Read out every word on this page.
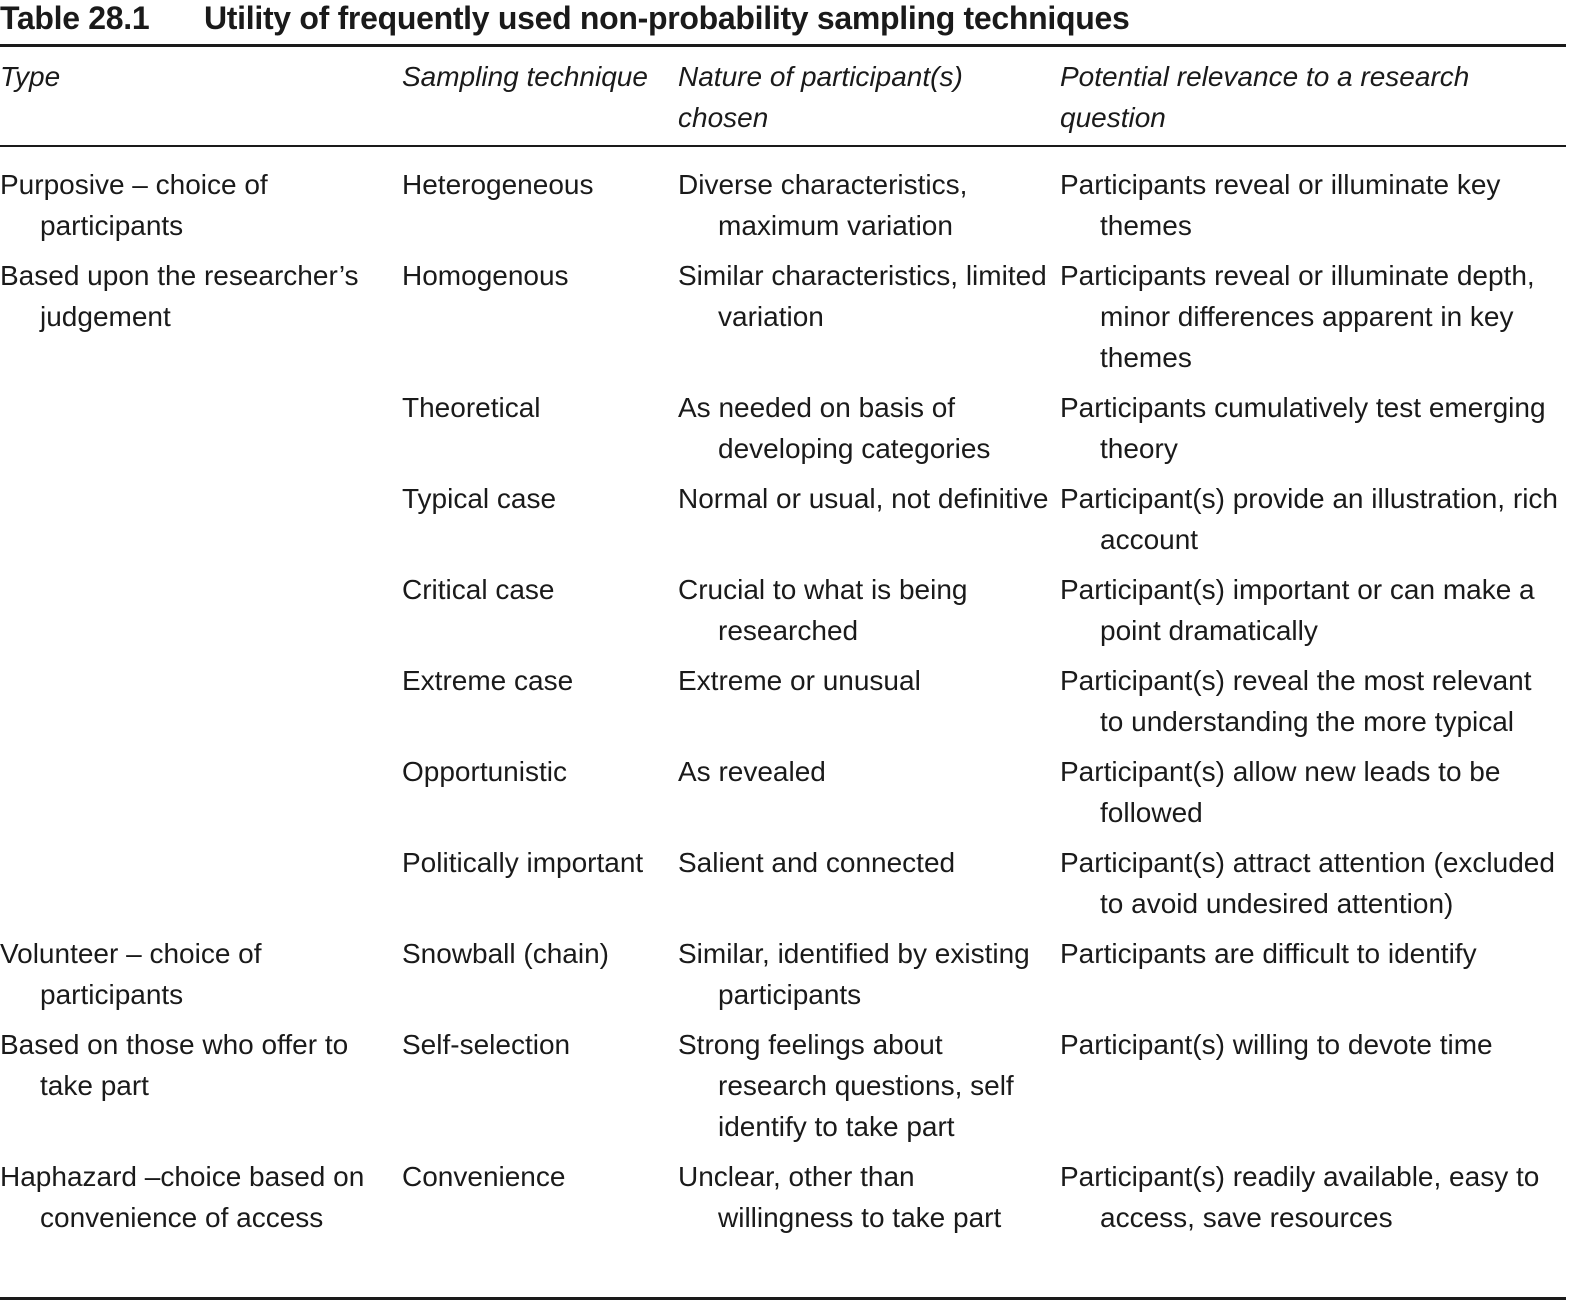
Table 28.1 Utility of frequently used non-probability sampling techniques
Type	Sampling technique	Nature of participant(s) chosen	Potential relevance to a research question
Purposive – choice of participants	Heterogeneous	Diverse characteristics, maximum variation	Participants reveal or illuminate key themes
Based upon the researcher’s judgement	Homogenous	Similar characteristics, limited variation	Participants reveal or illuminate depth, minor differences apparent in key themes
	Theoretical	As needed on basis of developing categories	Participants cumulatively test emerging theory
	Typical case	Normal or usual, not definitive	Participant(s) provide an illustration, rich account
	Critical case	Crucial to what is being researched	Participant(s) important or can make a point dramatically
	Extreme case	Extreme or unusual	Participant(s) reveal the most relevant to understanding the more typical
	Opportunistic	As revealed	Participant(s) allow new leads to be followed
	Politically important	Salient and connected	Participant(s) attract attention (excluded to avoid undesired attention)
Volunteer – choice of participants	Snowball (chain)	Similar, identified by existing participants	Participants are difficult to identify
Based on those who offer to take part	Self-selection	Strong feelings about research questions, self identify to take part	Participant(s) willing to devote time
Haphazard –choice based on convenience of access	Convenience	Unclear, other than willingness to take part	Participant(s) readily available, easy to access, save resources
